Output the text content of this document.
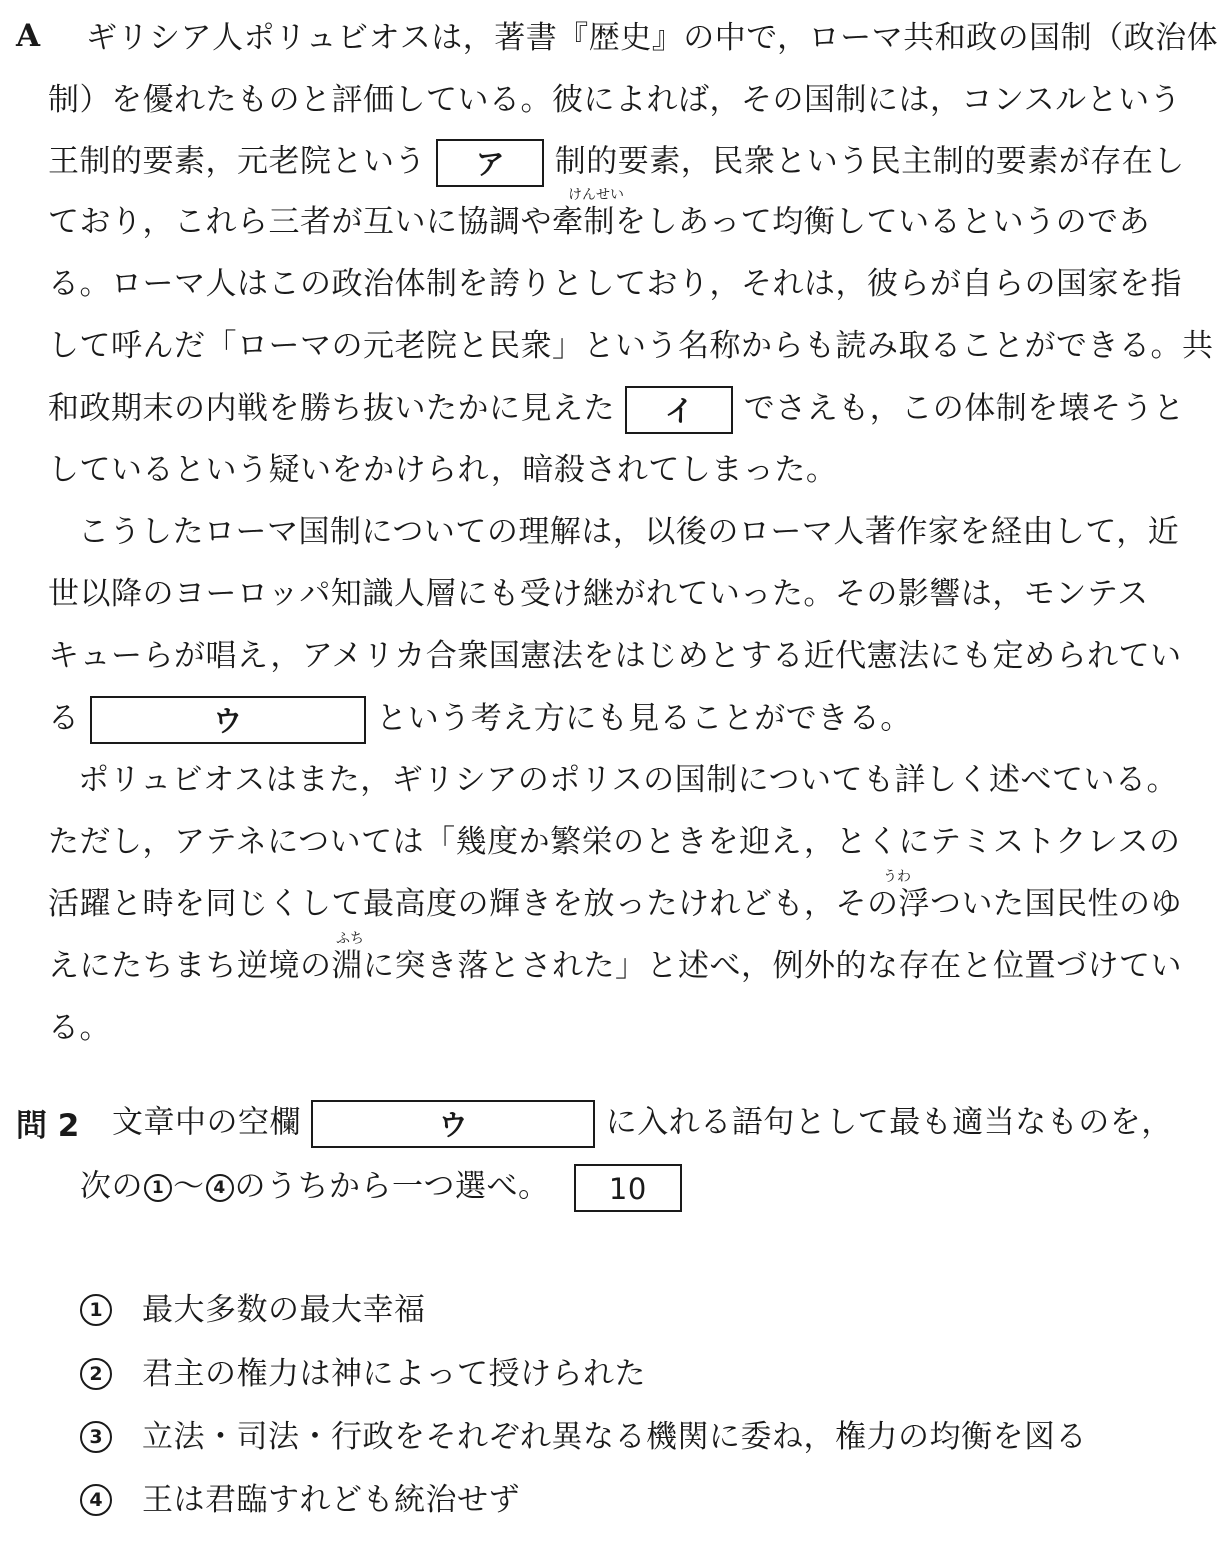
A ギリシア人ポリュビオスは，著書『歴史』の中で，ローマ共和政の国制（政治体
制）を優れたものと評価している。彼によれば，その国制には，コンスルという
王制的要素，元老院という ア 制的要素，民衆という民主制的要素が存在し
けんせい
ており，これら三者が互いに協調や牽制をしあって均衡しているというのであ
る。ローマ人はこの政治体制を誇りとしており，それは，彼らが自らの国家を指
して呼んだ「ローマの元老院と民衆」という名称からも読み取ることができる。共
和政期末の内戦を勝ち抜いたかに見えた イ でさえも，この体制を壊そうと
しているという疑いをかけられ，暗殺されてしまった。
こうしたローマ国制についての理解は，以後のローマ人著作家を経由して，近
世以降のヨーロッパ知識人層にも受け継がれていった。その影響は，モンテス
キューらが唱え，アメリカ合衆国憲法をはじめとする近代憲法にも定められてい
る	ウ	という考え方にも見ることができる。
ポリュビオスはまた，ギリシアのポリスの国制についても詳しく述べている。
ただし，アテネについては「幾度か繁栄のときを迎え，とくにテミストクレスの
うわ
活躍と時を同じくして最高度の輝きを放ったけれども，その浮ついた国民性のゆ
ふち
えにたちまち逆境の淵に突き落とされた」と述べ，例外的な存在と位置づけてい
る。
問 2 文章中の空欄	ウ	に入れる語句として最も適当なものを，
次の 1 ～ 4 のうちから一つ選べ。 10
1	最大多数の最大幸福
2	君主の権力は神によって授けられた
3	立法・司法・行政をそれぞれ異なる機関に委ね，権力の均衡を図る
4	王は君臨すれども統治せず
